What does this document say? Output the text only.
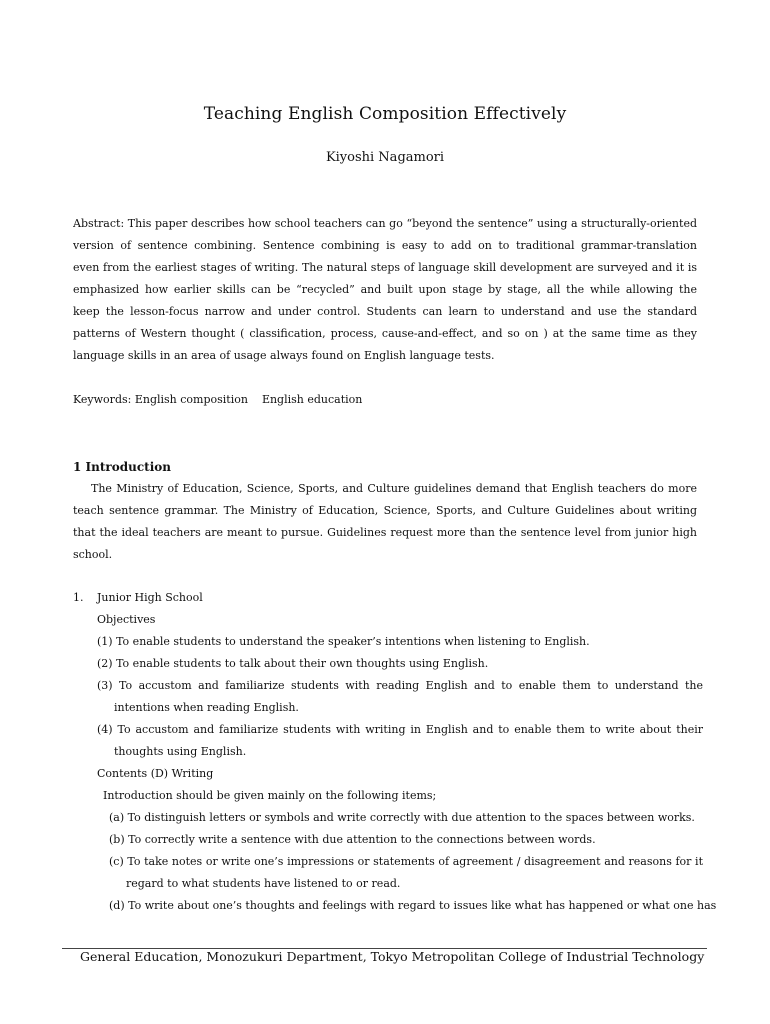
Teaching English Composition Effectively
Kiyoshi Nagamori
Abstract: This paper describes how school teachers can go “beyond the sentence” using a structurally-oriented
version of sentence combining. Sentence combining is easy to add on to traditional grammar-translation
even from the earliest stages of writing. The natural steps of language skill development are surveyed and it is
emphasized how earlier skills can be “recycled” and built upon stage by stage, all the while allowing the
keep the lesson-focus narrow and under control. Students can learn to understand and use the standard
patterns of Western thought ( classification, process, cause-and-effect, and so on ) at the same time as they
language skills in an area of usage always found on English language tests.
Keywords: English composition English education
1 Introduction
The Ministry of Education, Science, Sports, and Culture guidelines demand that English teachers do more
teach sentence grammar. The Ministry of Education, Science, Sports, and Culture Guidelines about writing
that the ideal teachers are meant to pursue. Guidelines request more than the sentence level from junior high
school.
1. Junior High School
Objectives
(1) To enable students to understand the speaker’s intentions when listening to English.
(2) To enable students to talk about their own thoughts using English.
(3) To accustom and familiarize students with reading English and to enable them to understand the
intentions when reading English.
(4) To accustom and familiarize students with writing in English and to enable them to write about their
thoughts using English.
Contents (D) Writing
Introduction should be given mainly on the following items;
(a) To distinguish letters or symbols and write correctly with due attention to the spaces between works.
(b) To correctly write a sentence with due attention to the connections between words.
(c) To take notes or write one’s impressions or statements of agreement / disagreement and reasons for it
regard to what students have listened to or read.
(d) To write about one’s thoughts and feelings with regard to issues like what has happened or what one has
General Education, Monozukuri Department, Tokyo Metropolitan College of Industrial Technology
